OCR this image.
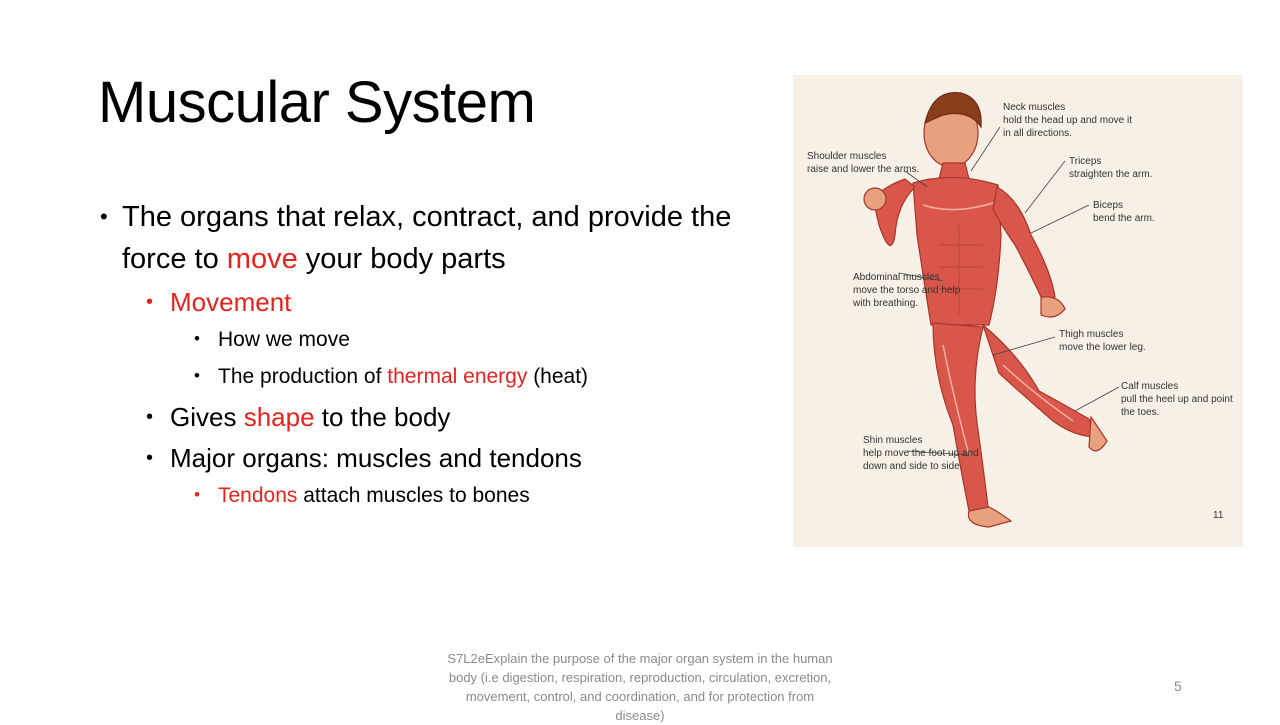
Muscular System
• The organs that relax, contract, and provide the force to move your body parts
• Movement
• How we move
• The production of thermal energy (heat)
• Gives shape to the body
• Major organs: muscles and tendons
• Tendons attach muscles to bones
Neck muscles
hold the head up and move it
in all directions.
Shoulder muscles
raise and lower the arms.
Triceps
straighten the arm.
Biceps
bend the arm.
Abdominal muscles
move the torso and help
with breathing.
Thigh muscles
move the lower leg.
Calf muscles
pull the heel up and point
the toes.
Shin muscles
help move the foot up and
down and side to side.
11
S7L2eExplain the purpose of the major organ system in the human body (i.e digestion, respiration, reproduction, circulation, excretion, movement, control, and coordination, and for protection from disease)
5
